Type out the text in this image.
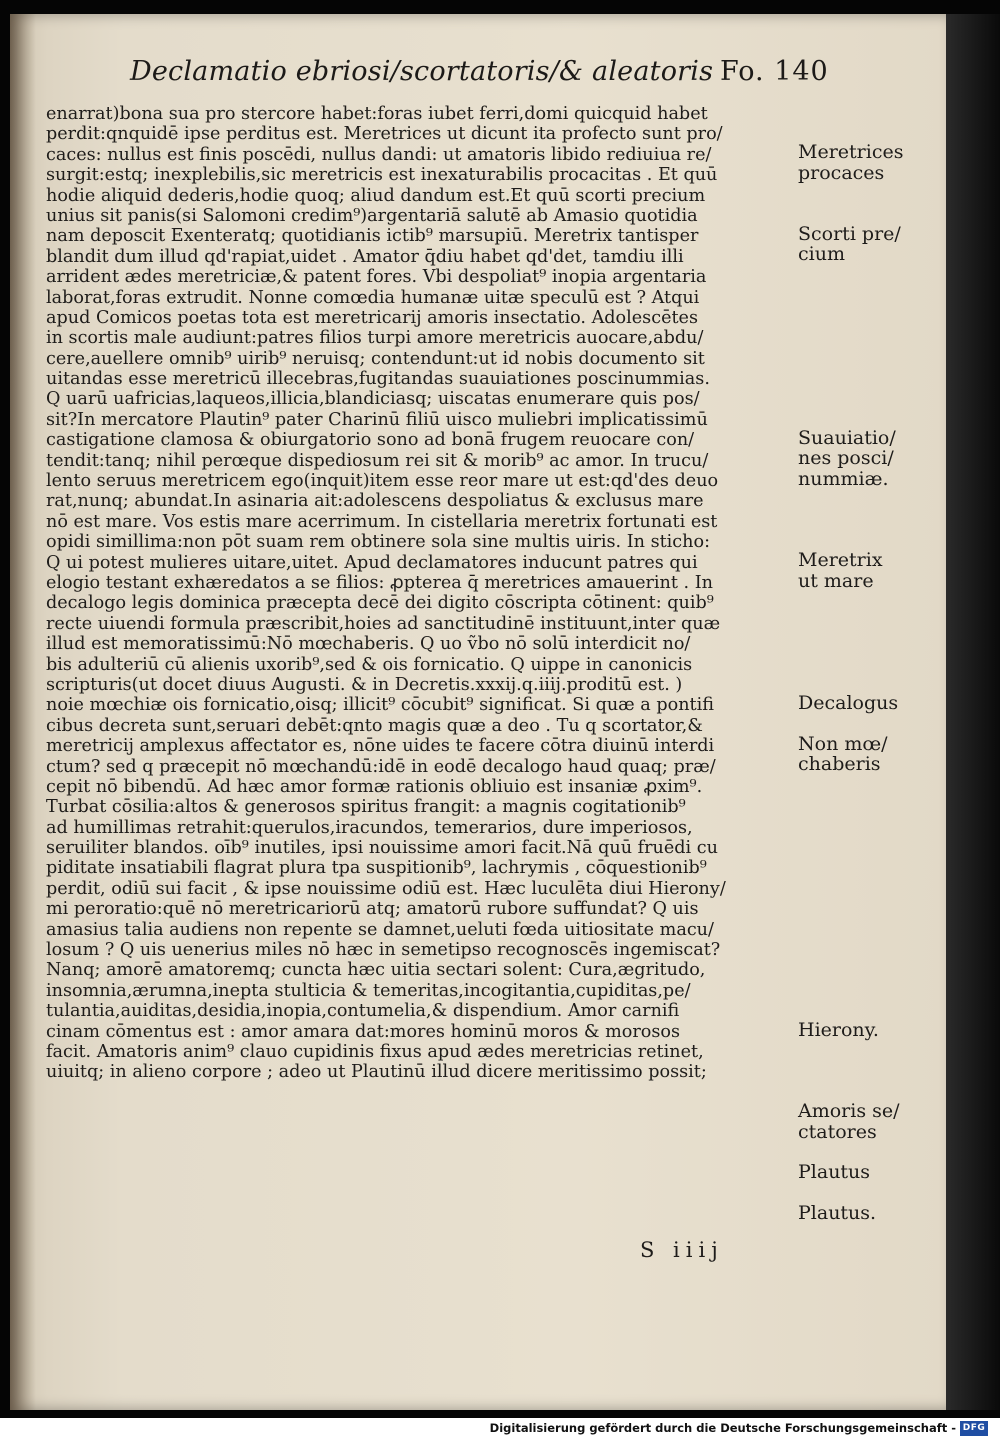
Declamatio ebriosi/scortatoris/& aleatoris Fo. 140
enarrat)bona sua pro stercore habet:foras iubet ferri,domi quicquid habet
perdit:qnquidē ipse perditus est. Meretrices ut dicunt ita profecto sunt pro/
caces: nullus est finis poscēdi, nullus dandi: ut amatoris libido rediuiua re/
surgit:estq; inexplebilis,sic meretricis est inexaturabilis procacitas . Et quū
hodie aliquid dederis,hodie quoq; aliud dandum est.Et quū scorti precium
unius sit panis(si Salomoni credim⁹)argentariā salutē ab Amasio quotidia
nam deposcit Exenteratq; quotidianis ictib⁹ marsupiū. Meretrix tantisper
blandit dum illud qd'rapiat,uidet . Amator q̄diu habet qd'det, tamdiu illi
arrident ædes meretriciæ,& patent fores. Vbi despoliat⁹ inopia argentaria
laborat,foras extrudit. Nonne comœdia humanæ uitæ speculū est ? Atqui
apud Comicos poetas tota est meretricarij amoris insectatio. Adolescētes
in scortis male audiunt:patres filios turpi amore meretricis auocare,abdu/
cere,auellere omnib⁹ uirib⁹ neruisq; contendunt:ut id nobis documento sit
uitandas esse meretricū illecebras,fugitandas suauiationes poscinummias.
Q uarū uafricias,laqueos,illicia,blandiciasq; uiscatas enumerare quis pos/
sit?In mercatore Plautin⁹ pater Charinū filiū uisco muliebri implicatissimū
castigatione clamosa & obiurgatorio sono ad bonā frugem reuocare con/
tendit:tanq; nihil perœque dispediosum rei sit & morib⁹ ac amor. In trucu/
lento seruus meretricem ego(inquit)item esse reor mare ut est:qd'des deuo
rat,nunq; abundat.In asinaria ait:adolescens despoliatus & exclusus mare
nō est mare. Vos estis mare acerrimum. In cistellaria meretrix fortunati est
opidi simillima:non pōt suam rem obtinere sola sine multis uiris. In sticho:
Q ui potest mulieres uitare,uitet. Apud declamatores inducunt patres qui
elogio testant exhæredatos a se filios: ꝓpterea q̄ meretrices amauerint . In
decalogo legis dominica præcepta decē dei digito cōscripta cōtinent: quib⁹
recte uiuendi formula præscribit,hoies ad sanctitudinē instituunt,inter quæ
illud est memoratissimū:Nō mœchaberis. Q uo ṽbo nō solū interdicit no/
bis adulteriū cū alienis uxorib⁹,sed & ois fornicatio. Q uippe in canonicis
scripturis(ut docet diuus Augusti. & in Decretis.xxxij.q.iiij.proditū est. )
noie mœchiæ ois fornicatio,oisq; illicit⁹ cōcubit⁹ significat. Si quæ a pontifi
cibus decreta sunt,seruari debēt:qnto magis quæ a deo . Tu q scortator,&
meretricij amplexus affectator es, nōne uides te facere cōtra diuinū interdi
ctum? sed q præcepit nō mœchandū:idē in eodē decalogo haud quaq; præ/
cepit nō bibendū. Ad hæc amor formæ rationis obliuio est insaniæ ꝓxim⁹.
Turbat cōsilia:altos & generosos spiritus frangit: a magnis cogitationib⁹
ad humillimas retrahit:querulos,iracundos, temerarios, dure imperiosos,
seruiliter blandos. oīb⁹ inutiles, ipsi nouissime amori facit.Nā quū fruēdi cu
piditate insatiabili flagrat plura tpa suspitionib⁹, lachrymis , cōquestionib⁹
perdit, odiū sui facit , & ipse nouissime odiū est. Hæc luculēta diui Hierony/
mi peroratio:quē nō meretricariorū atq; amatorū rubore suffundat? Q uis
amasius talia audiens non repente se damnet,ueluti fœda uitiositate macu/
losum ? Q uis uenerius miles nō hæc in semetipso recognoscēs ingemiscat?
Nanq; amorē amatoremq; cuncta hæc uitia sectari solent: Cura,ægritudo,
insomnia,ærumna,inepta stulticia & temeritas,incogitantia,cupiditas,pe/
tulantia,auiditas,desidia,inopia,contumelia,& dispendium. Amor carnifi
cinam cōmentus est : amor amara dat:mores hominū moros & morosos
facit. Amatoris anim⁹ clauo cupidinis fixus apud ædes meretricias retinet,
uiuitq; in alieno corpore ; adeo ut Plautinū illud dicere meritissimo possit;
Meretrices
procaces
Scorti pre/
cium
Suauiatio/
nes posci/
nummiæ.
Meretrix
ut mare
Decalogus
Non mœ/
chaberis
Hierony.
Amoris se/
ctatores
Plautus
Plautus.
S iiij
Digitalisierung gefördert durch die Deutsche Forschungsgemeinschaft - DFG
